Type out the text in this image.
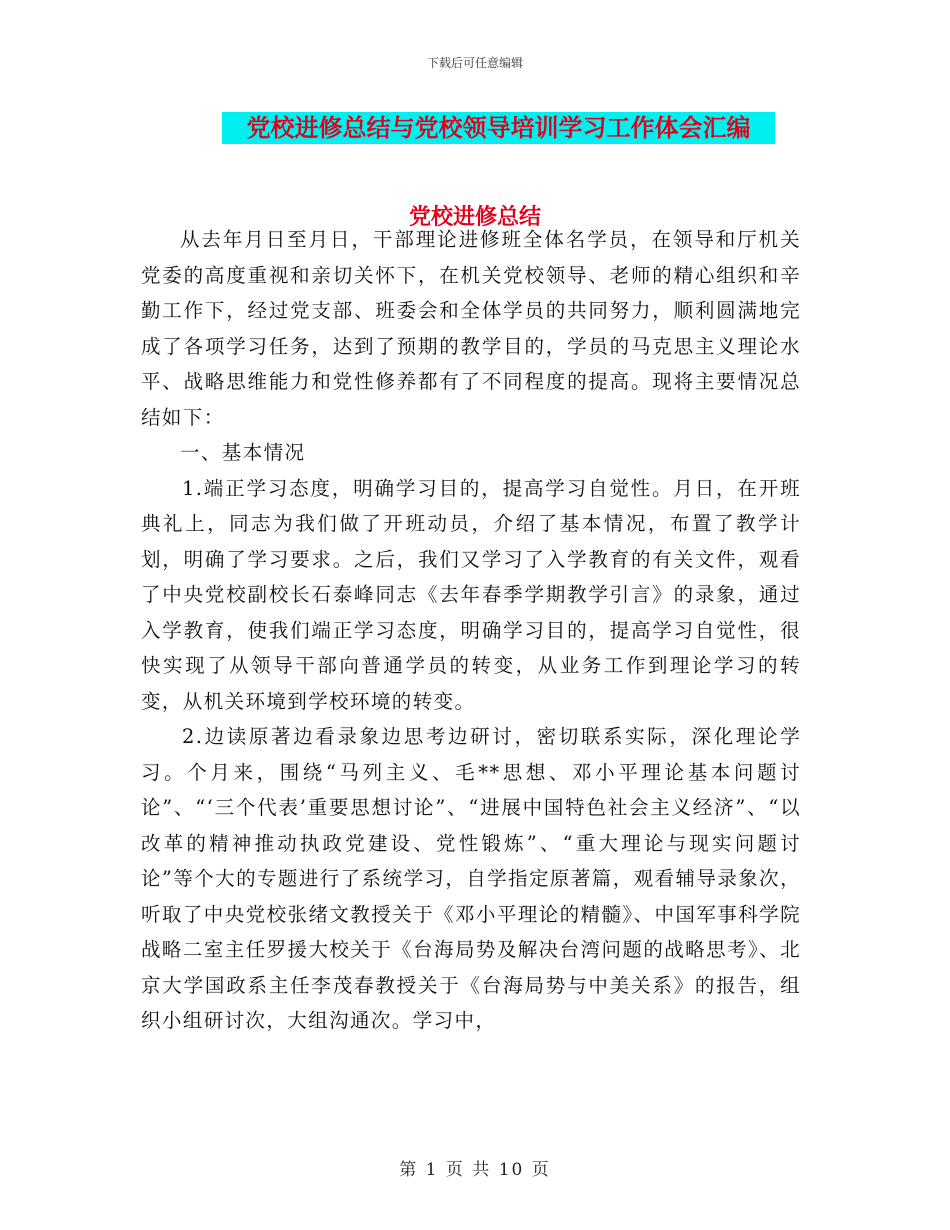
下载后可任意编辑
党校进修总结与党校领导培训学习工作体会汇编
党校进修总结

从去年月日至月日，干部理论进修班全体名学员，在领导和厅机关党委的高度重视和亲切关怀下，在机关党校领导、老师的精心组织和辛勤工作下，经过党支部、班委会和全体学员的共同努力，顺利圆满地完成了各项学习任务，达到了预期的教学目的，学员的马克思主义理论水平、战略思维能力和党性修养都有了不同程度的提高。现将主要情况总结如下：

一、基本情况

1.端正学习态度，明确学习目的，提高学习自觉性。月日，在开班典礼上，同志为我们做了开班动员，介绍了基本情况，布置了教学计划，明确了学习要求。之后，我们又学习了入学教育的有关文件，观看了中央党校副校长石泰峰同志《去年春季学期教学引言》的录象，通过入学教育，使我们端正学习态度，明确学习目的，提高学习自觉性，很快实现了从领导干部向普通学员的转变，从业务工作到理论学习的转变，从机关环境到学校环境的转变。

2.边读原著边看录象边思考边研讨，密切联系实际，深化理论学习。个月来，围绕“马列主义、毛**思想、邓小平理论基本问题讨论”、“‘三个代表’重要思想讨论”、“进展中国特色社会主义经济”、“以改革的精神推动执政党建设、党性锻炼”、“重大理论与现实问题讨论”等个大的专题进行了系统学习，自学指定原著篇，观看辅导录象次，听取了中央党校张绪文教授关于《邓小平理论的精髓》、中国军事科学院战略二室主任罗援大校关于《台海局势及解决台湾问题的战略思考》、北京大学国政系主任李茂春教授关于《台海局势与中美关系》的报告，组织小组研讨次，大组沟通次。学习中，

第 1 页 共 10 页
